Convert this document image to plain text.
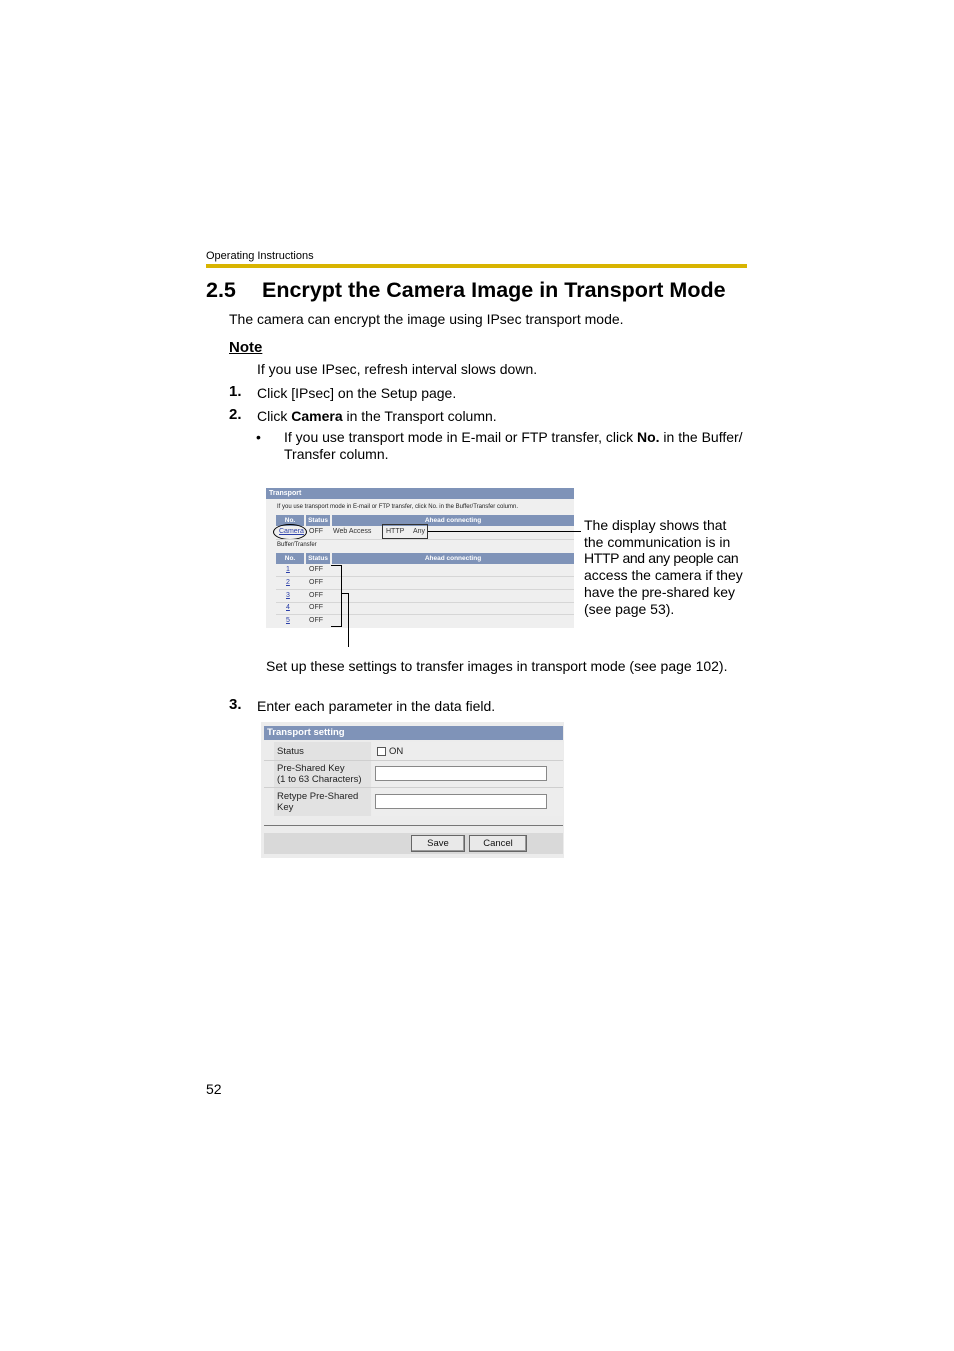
Operating Instructions
2.5 Encrypt the Camera Image in Transport Mode
The camera can encrypt the image using IPsec transport mode.
Note
If you use IPsec, refresh interval slows down.
1. Click [IPsec] on the Setup page.
2. Click Camera in the Transport column.
• If you use transport mode in E-mail or FTP transfer, click No. in the Buffer/
Transfer column.
Transport
If you use transport mode in E-mail or FTP transfer, click No. in the Buffer/Transfer column.
No.	Status	Ahead connecting
Camera OFF Web Access HTTP Any
Buffer/Transfer
No.	Status	Ahead connecting
1	OFF
2	OFF
3	OFF
4	OFF
5	OFF
The display shows that
the communication is in
HTTP and any people can
access the camera if they
have the pre-shared key
(see page 53).
Set up these settings to transfer images in transport mode (see page 102).
3. Enter each parameter in the data field.
Transport setting
Status	ON
Pre-Shared Key
(1 to 63 Characters)
Retype Pre-Shared
Key
Save	Cancel
52
